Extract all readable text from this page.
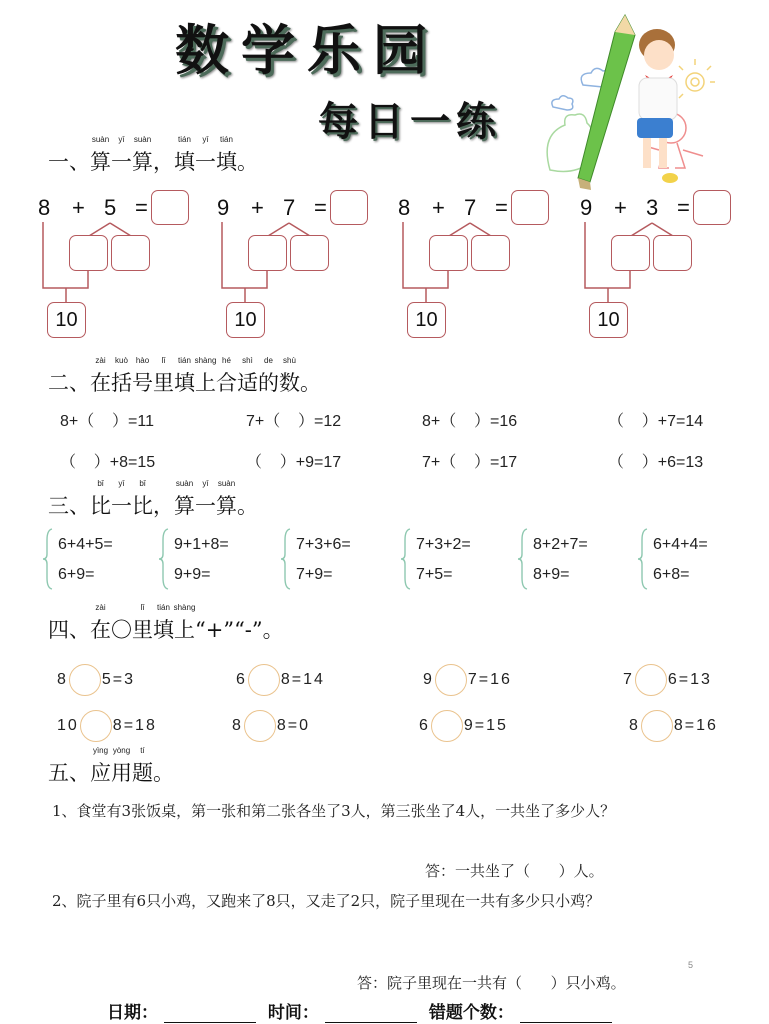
数学乐园
每日一练
一、算
suàn
一
yī
算
suàn
，填
tián
一
yī
填
tián
。
8 + 5 =
10
9 + 7 =
10
8 + 7 =
10
9 + 3 =
10
二、在
zài
括
kuò
号
hào
里
lǐ
填
tián
上
shàng
合
hé
适
shì
的
de
数
shù
。
8+（    ）=11	7+（    ）=12	8+（    ）=16	（    ）+7=14
（    ）+8=15	（    ）+9=17	7+（    ）=17	（    ）+6=13
三、比
bǐ
一
yī
比
bǐ
，算
suàn
一
yī
算
suàn
。
6+4+5=
6+9=
9+1+8=
9+9=
7+3+6=
7+9=
7+3+2=
7+5=
8+2+7=
8+9=
6+4+4=
6+8=
四、在
zài
〇里
lǐ
填
tián
上
shàng
“+”“-”。
8 5=3	6 8=14	9 7=16	7 6=13
10 8=18	8 8=0	6 9=15	8 8=16
五、应
yìng
用
yòng
题
tí
。
1、食堂有3张饭桌，第一张和第二张各坐了3人，第三张坐了4人，一共坐了多少人？
答：一共坐了（      ）人。
2、院子里有6只小鸡，又跑来了8只，又走了2只，院子里现在一共有多少只小鸡？
5
答：院子里现在一共有（      ）只小鸡。
日期：	时间：	错题个数：
